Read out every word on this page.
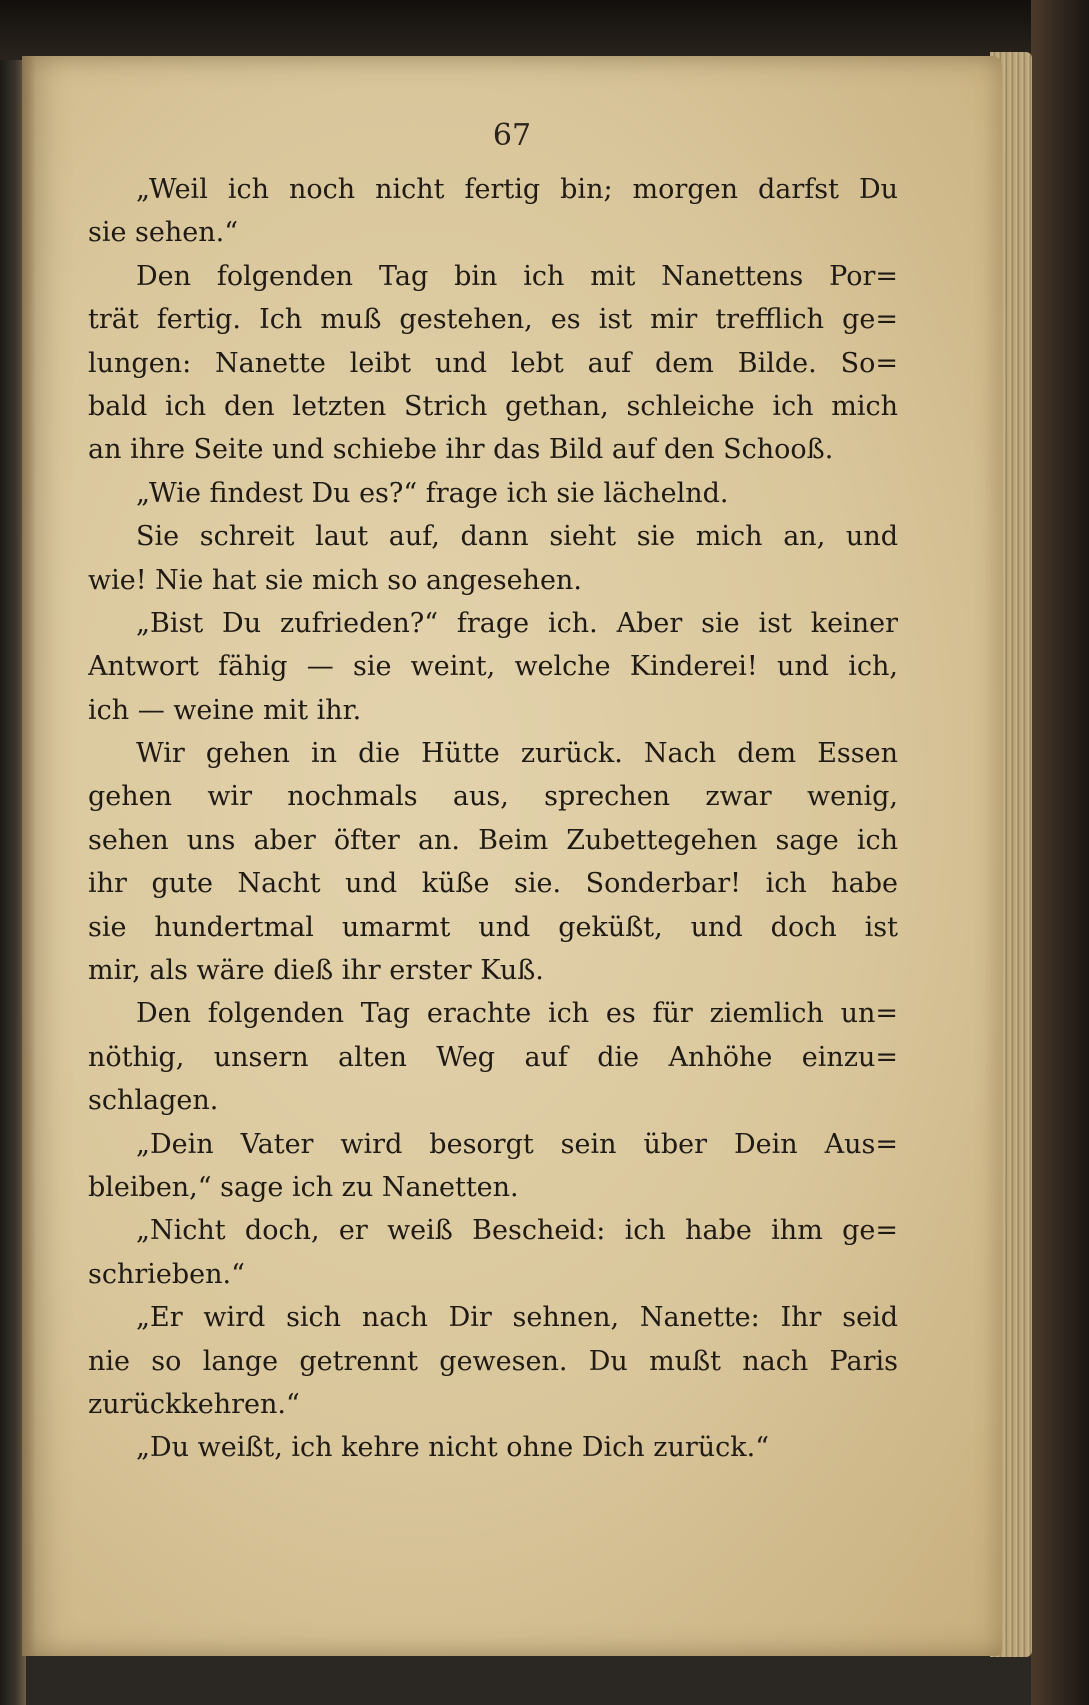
67
„Weil ich noch nicht fertig bin; morgen darfst Du
sie sehen.“
Den folgenden Tag bin ich mit Nanettens Por=
trät fertig. Ich muß gestehen, es ist mir trefflich ge=
lungen: Nanette leibt und lebt auf dem Bilde. So=
bald ich den letzten Strich gethan, schleiche ich mich
an ihre Seite und schiebe ihr das Bild auf den Schooß.
„Wie findest Du es?“ frage ich sie lächelnd.
Sie schreit laut auf, dann sieht sie mich an, und
wie! Nie hat sie mich so angesehen.
„Bist Du zufrieden?“ frage ich. Aber sie ist keiner
Antwort fähig — sie weint, welche Kinderei! und ich,
ich — weine mit ihr.
Wir gehen in die Hütte zurück. Nach dem Essen
gehen wir nochmals aus, sprechen zwar wenig,
sehen uns aber öfter an. Beim Zubettegehen sage ich
ihr gute Nacht und küße sie. Sonderbar! ich habe
sie hundertmal umarmt und geküßt, und doch ist
mir, als wäre dieß ihr erster Kuß.
Den folgenden Tag erachte ich es für ziemlich un=
nöthig, unsern alten Weg auf die Anhöhe einzu=
schlagen.
„Dein Vater wird besorgt sein über Dein Aus=
bleiben,“ sage ich zu Nanetten.
„Nicht doch, er weiß Bescheid: ich habe ihm ge=
schrieben.“
„Er wird sich nach Dir sehnen, Nanette: Ihr seid
nie so lange getrennt gewesen. Du mußt nach Paris
zurückkehren.“
„Du weißt, ich kehre nicht ohne Dich zurück.“
